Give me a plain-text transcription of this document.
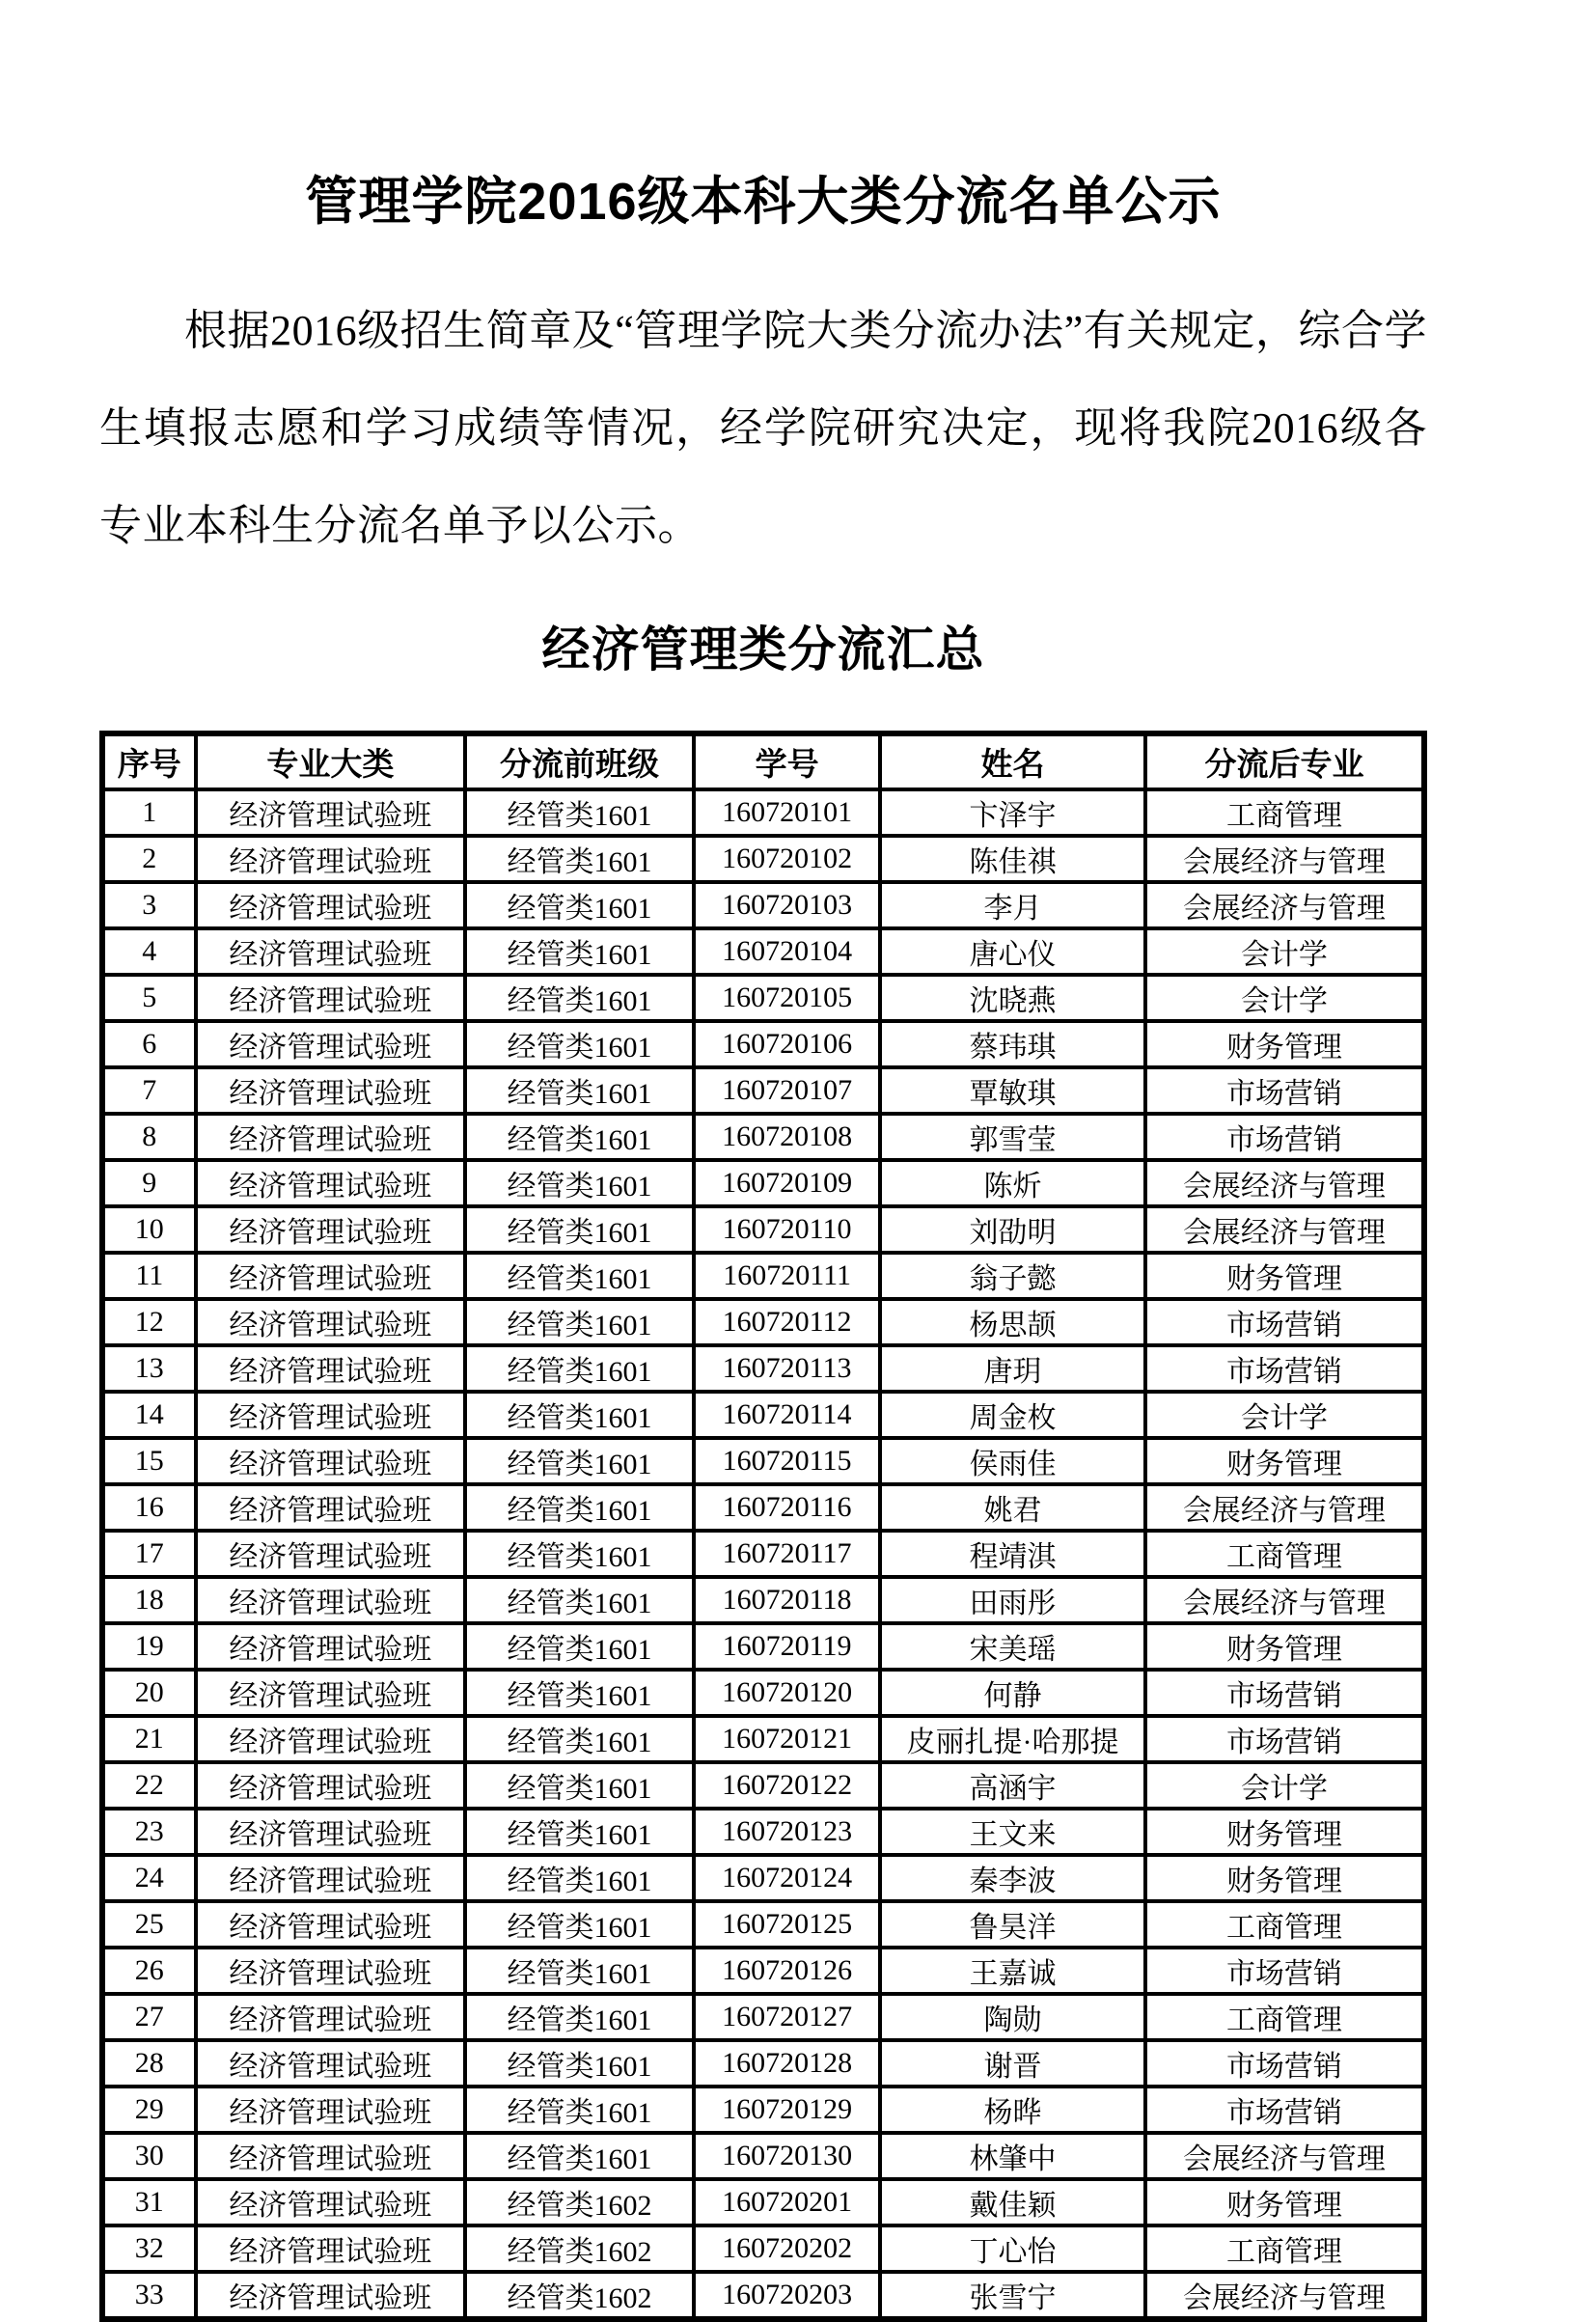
管理学院2016级本科大类分流名单公示

根据2016级招生简章及“管理学院大类分流办法”有关规定，综合学生填报志愿和学习成绩等情况，经学院研究决定，现将我院2016级各专业本科生分流名单予以公示。

经济管理类分流汇总
序号	专业大类	分流前班级	学号	姓名	分流后专业
1	经济管理试验班	经管类1601	160720101	卞泽宇	工商管理
2	经济管理试验班	经管类1601	160720102	陈佳祺	会展经济与管理
3	经济管理试验班	经管类1601	160720103	李月	会展经济与管理
4	经济管理试验班	经管类1601	160720104	唐心仪	会计学
5	经济管理试验班	经管类1601	160720105	沈晓燕	会计学
6	经济管理试验班	经管类1601	160720106	蔡玮琪	财务管理
7	经济管理试验班	经管类1601	160720107	覃敏琪	市场营销
8	经济管理试验班	经管类1601	160720108	郭雪莹	市场营销
9	经济管理试验班	经管类1601	160720109	陈炘	会展经济与管理
10	经济管理试验班	经管类1601	160720110	刘劭明	会展经济与管理
11	经济管理试验班	经管类1601	160720111	翁子懿	财务管理
12	经济管理试验班	经管类1601	160720112	杨思颉	市场营销
13	经济管理试验班	经管类1601	160720113	唐玥	市场营销
14	经济管理试验班	经管类1601	160720114	周金枚	会计学
15	经济管理试验班	经管类1601	160720115	侯雨佳	财务管理
16	经济管理试验班	经管类1601	160720116	姚君	会展经济与管理
17	经济管理试验班	经管类1601	160720117	程靖淇	工商管理
18	经济管理试验班	经管类1601	160720118	田雨彤	会展经济与管理
19	经济管理试验班	经管类1601	160720119	宋美瑶	财务管理
20	经济管理试验班	经管类1601	160720120	何静	市场营销
21	经济管理试验班	经管类1601	160720121	皮丽扎提·哈那提	市场营销
22	经济管理试验班	经管类1601	160720122	高涵宇	会计学
23	经济管理试验班	经管类1601	160720123	王文来	财务管理
24	经济管理试验班	经管类1601	160720124	秦李波	财务管理
25	经济管理试验班	经管类1601	160720125	鲁昊洋	工商管理
26	经济管理试验班	经管类1601	160720126	王嘉诚	市场营销
27	经济管理试验班	经管类1601	160720127	陶勋	工商管理
28	经济管理试验班	经管类1601	160720128	谢晋	市场营销
29	经济管理试验班	经管类1601	160720129	杨晔	市场营销
30	经济管理试验班	经管类1601	160720130	林肇中	会展经济与管理
31	经济管理试验班	经管类1602	160720201	戴佳颖	财务管理
32	经济管理试验班	经管类1602	160720202	丁心怡	工商管理
33	经济管理试验班	经管类1602	160720203	张雪宁	会展经济与管理
